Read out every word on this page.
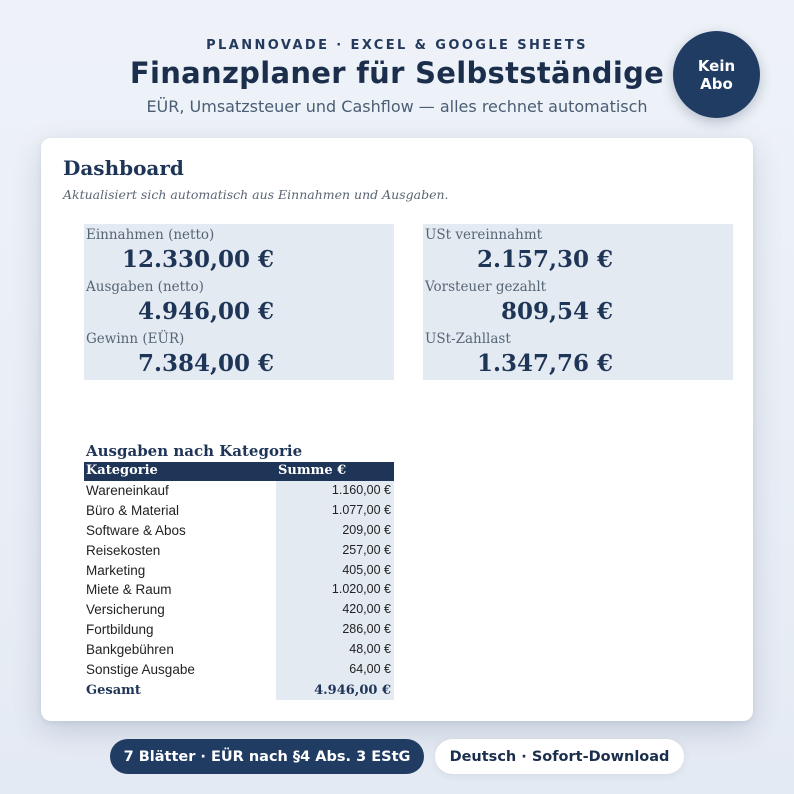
PLANNOVADE · EXCEL & GOOGLE SHEETS
Finanzplaner für Selbstständige
EÜR, Umsatzsteuer und Cashflow — alles rechnet automatisch
Kein
Abo
Dashboard
Aktualisiert sich automatisch aus Einnahmen und Ausgaben.
Einnahmen (netto)
12.330,00 €
Ausgaben (netto)
4.946,00 €
Gewinn (EÜR)
7.384,00 €
USt vereinnahmt
2.157,30 €
Vorsteuer gezahlt
809,54 €
USt-Zahllast
1.347,76 €
Ausgaben nach Kategorie
Kategorie	Summe €
Wareneinkauf	1.160,00 €
Büro & Material	1.077,00 €
Software & Abos	209,00 €
Reisekosten	257,00 €
Marketing	405,00 €
Miete & Raum	1.020,00 €
Versicherung	420,00 €
Fortbildung	286,00 €
Bankgebühren	48,00 €
Sonstige Ausgabe	64,00 €
Gesamt	4.946,00 €
7 Blätter · EÜR nach §4 Abs. 3 EStG	Deutsch · Sofort-Download
